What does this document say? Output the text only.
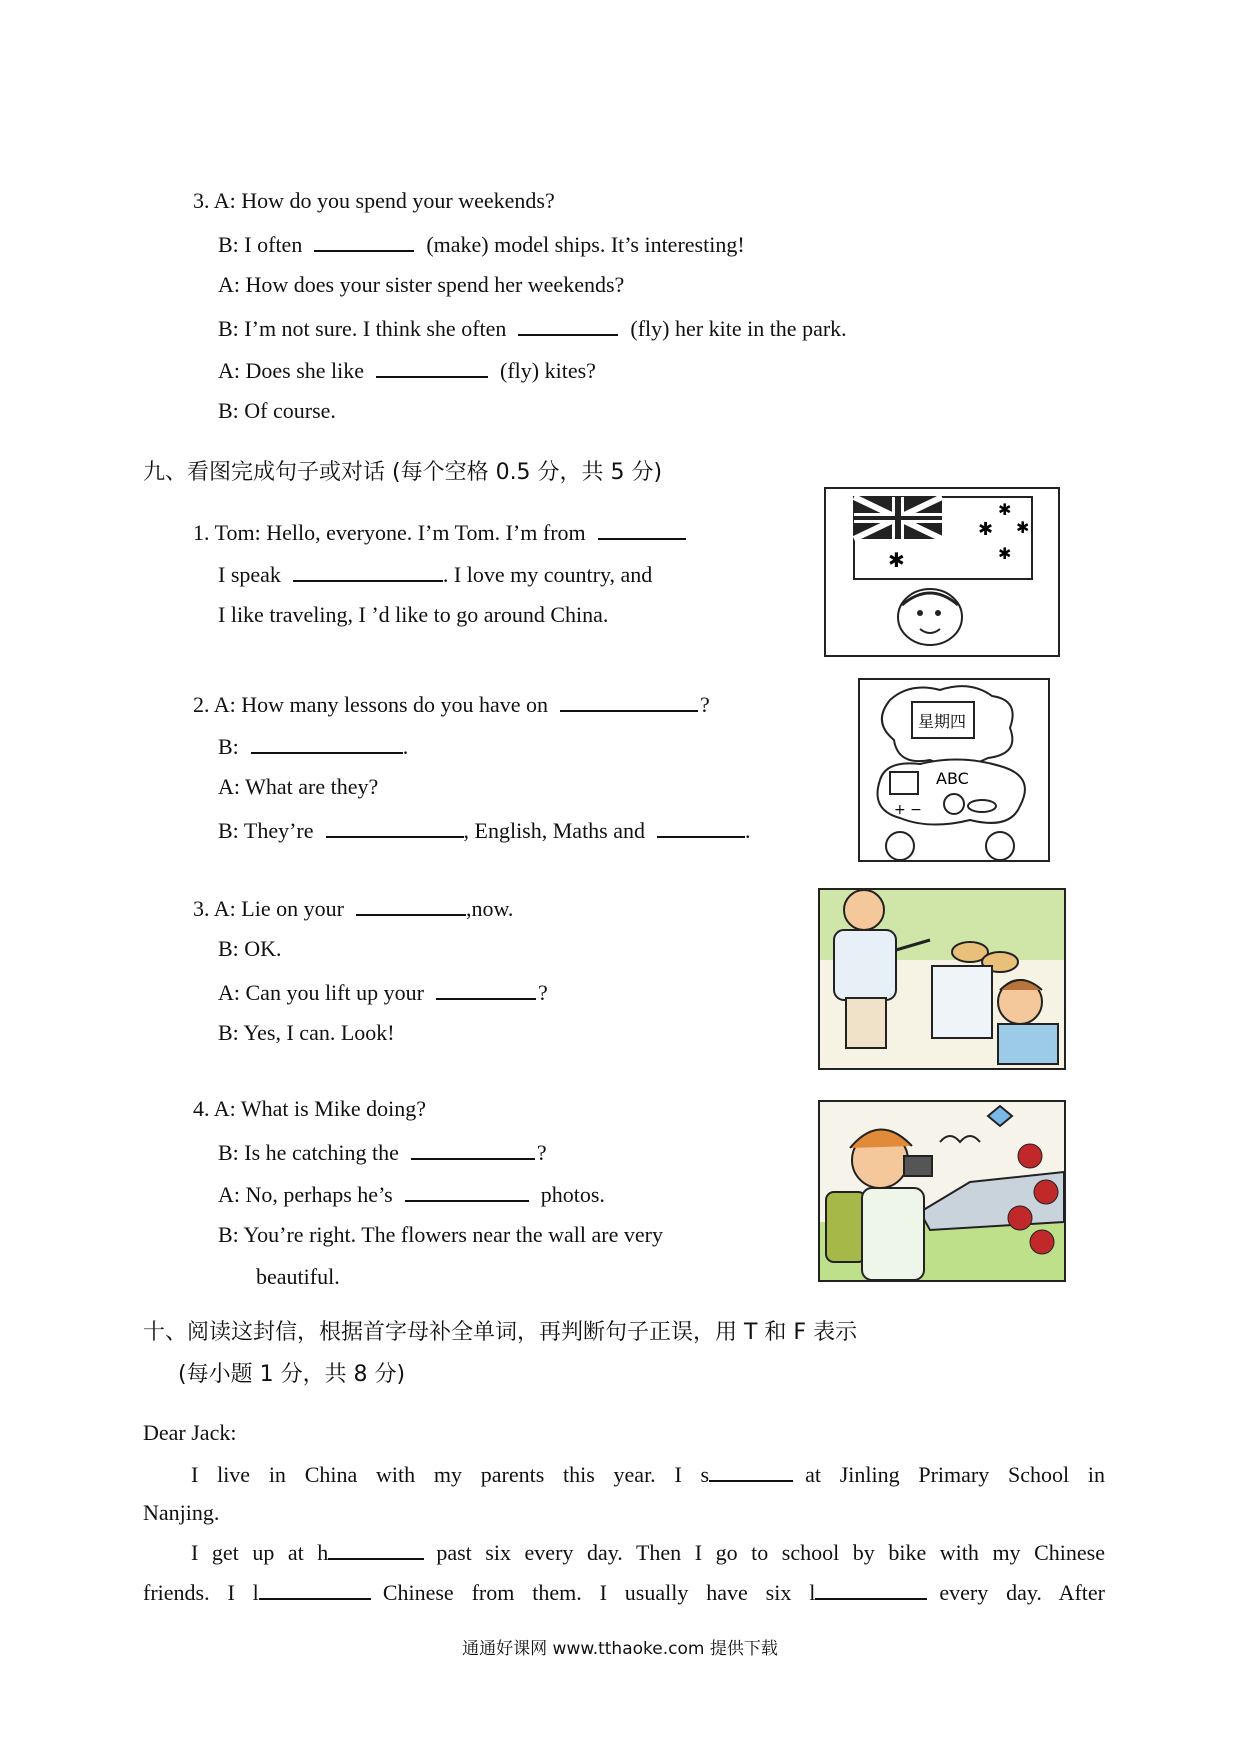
3. A: How do you spend your weekends?
B: I often	(make) model ships. It’s interesting!
A: How does your sister spend her weekends?
B: I’m not sure. I think she often	(fly) her kite in the park.
A: Does she like	(fly) kites?
B: Of course.
九、看图完成句子或对话 (每个空格 0.5 分，共 5 分)
1. Tom: Hello, everyone. I’m Tom. I’m from
I speak	. I love my country, and
I like traveling, I ’d like to go around China.
✱
✱
✱
✱
✱
2. A: How many lessons do you have on	?
B:	.
A: What are they?
B: They’re	, English, Maths and	.
星期四
ABC
+ −
3. A: Lie on your	,now.
B: OK.
A: Can you lift up your	?
B: Yes, I can. Look!
4. A: What is Mike doing?
B: Is he catching the	?
A: No, perhaps he’s	photos.
B: You’re right. The flowers near the wall are very
beautiful.
十、阅读这封信，根据首字母补全单词，再判断句子正误，用 T 和 F 表示
(每小题 1 分，共 8 分)
Dear Jack:
I live in China with my parents this year. I s	at Jinling Primary School in
Nanjing.
I get up at h	past six every day. Then I go to school by bike with my Chinese
friends. I l	Chinese from them. I usually have six l	every day. After
通通好课网 www.tthaoke.com 提供下载
